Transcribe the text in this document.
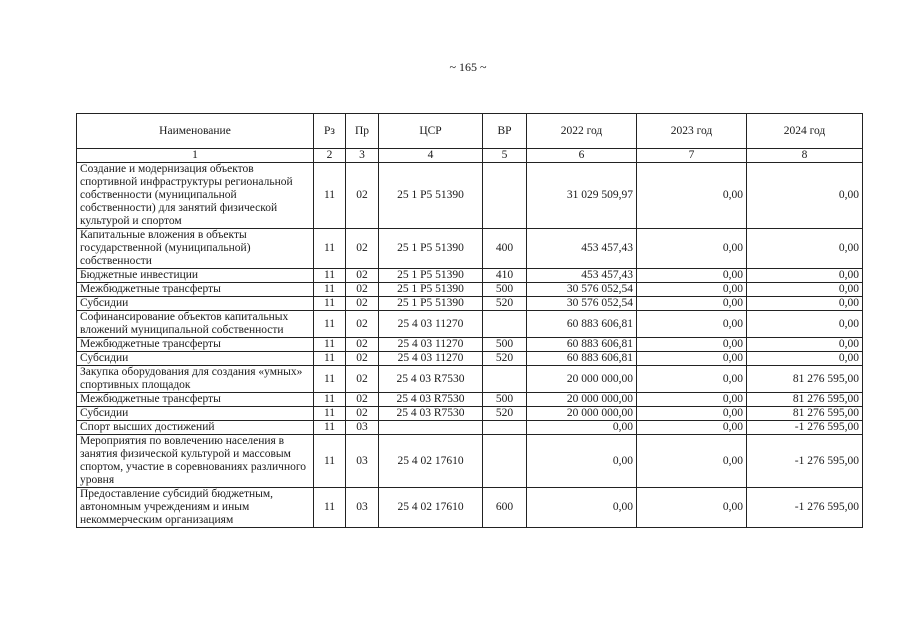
~ 165 ~
Наименование	Рз	Пр	ЦСР	ВР	2022 год	2023 год	2024 год
1	2	3	4	5	6	7	8
Создание и модернизация объектов спортивной инфраструктуры региональной собственности (муниципальной собственности) для занятий физической культурой и спортом	11	02	25 1 Р5 51390		31 029 509,97	0,00	0,00
Капитальные вложения в объекты государственной (муниципальной) собственности	11	02	25 1 Р5 51390	400	453 457,43	0,00	0,00
Бюджетные инвестиции	11	02	25 1 Р5 51390	410	453 457,43	0,00	0,00
Межбюджетные трансферты	11	02	25 1 Р5 51390	500	30 576 052,54	0,00	0,00
Субсидии	11	02	25 1 Р5 51390	520	30 576 052,54	0,00	0,00
Софинансирование объектов капитальных вложений муниципальной собственности	11	02	25 4 03 11270		60 883 606,81	0,00	0,00
Межбюджетные трансферты	11	02	25 4 03 11270	500	60 883 606,81	0,00	0,00
Субсидии	11	02	25 4 03 11270	520	60 883 606,81	0,00	0,00
Закупка оборудования для создания «умных» спортивных площадок	11	02	25 4 03 R7530		20 000 000,00	0,00	81 276 595,00
Межбюджетные трансферты	11	02	25 4 03 R7530	500	20 000 000,00	0,00	81 276 595,00
Субсидии	11	02	25 4 03 R7530	520	20 000 000,00	0,00	81 276 595,00
Спорт высших достижений	11	03			0,00	0,00	-1 276 595,00
Мероприятия по вовлечению населения в занятия физической культурой и массовым спортом, участие в соревнованиях различного уровня	11	03	25 4 02 17610		0,00	0,00	-1 276 595,00
Предоставление субсидий бюджетным, автономным учреждениям и иным некоммерческим организациям	11	03	25 4 02 17610	600	0,00	0,00	-1 276 595,00
